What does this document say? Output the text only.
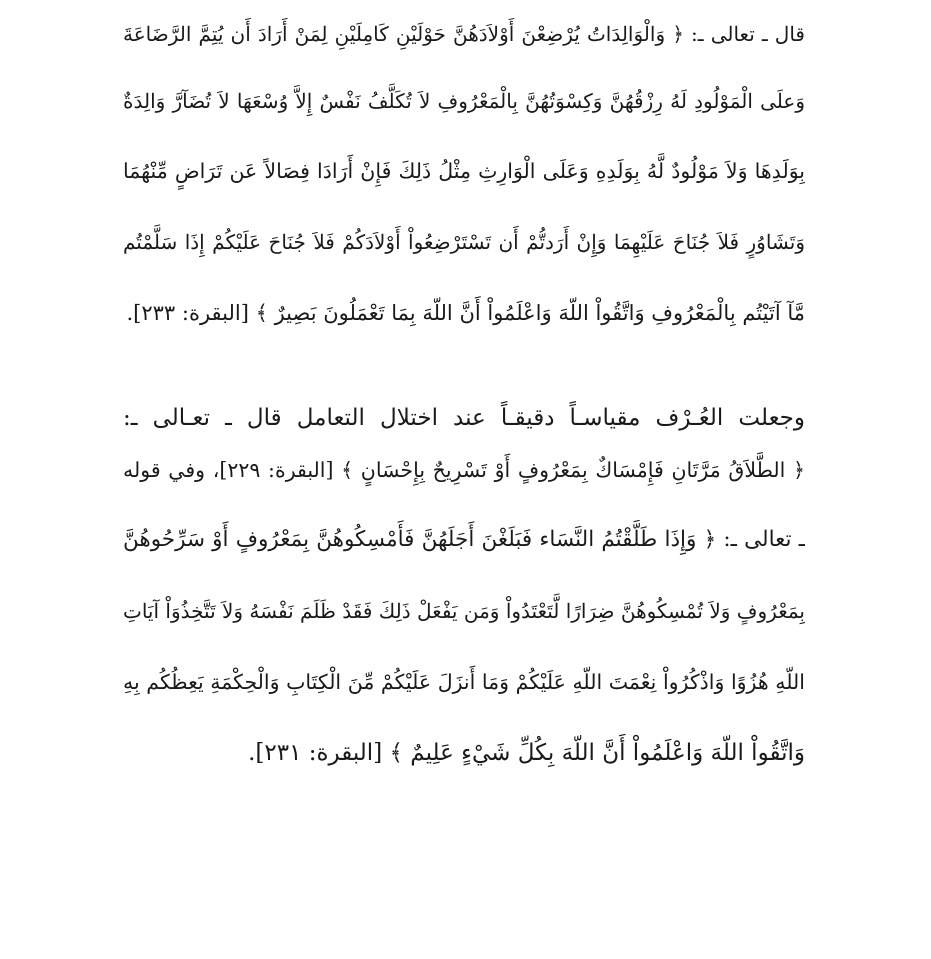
قال ـ تعالى ـ: ﴿ وَالْوَالِدَاتُ يُرْضِعْنَ أَوْلاَدَهُنَّ حَوْلَيْنِ كَامِلَيْنِ لِمَنْ أَرَادَ أَن يُتِمَّ الرَّضَاعَةَ
وَعلَى الْمَوْلُودِ لَهُ رِزْقُهُنَّ وَكِسْوَتُهُنَّ بِالْمَعْرُوفِ لاَ تُكَلَّفُ نَفْسٌ إِلاَّ وُسْعَهَا لاَ تُضَآرَّ وَالِدَةٌ
بِوَلَدِهَا وَلاَ مَوْلُودٌ لَّهُ بِوَلَدِهِ وَعَلَى الْوَارِثِ مِثْلُ ذَلِكَ فَإِنْ أَرَادَا فِصَالاً عَن تَرَاضٍ مِّنْهُمَا
وَتَشَاوُرٍ فَلاَ جُنَاحَ عَلَيْهِمَا وَإِنْ أَرَدتُّمْ أَن تَسْتَرْضِعُواْ أَوْلاَدَكُمْ فَلاَ جُنَاحَ عَلَيْكُمْ إِذَا سَلَّمْتُم
مَّآ آتَيْتُم بِالْمَعْرُوفِ وَاتَّقُواْ اللّهَ وَاعْلَمُواْ أَنَّ اللّهَ بِمَا تَعْمَلُونَ بَصِيرٌ ﴾ [البقرة: ٢٣٣].
وجعلت العُـرْف مقياسـاً دقيقـاً عند اختلال التعامل قال ـ تعـالى ـ:
﴿ الطَّلاَقُ مَرَّتَانِ فَإِمْسَاكٌ بِمَعْرُوفٍ أَوْ تَسْرِيحٌ بِإِحْسَانٍ ﴾ [البقرة: ٢٢٩]، وفي قوله
ـ تعالى ـ: ﴿ وَإِذَا طَلَّقْتُمُ النَّسَاء فَبَلَغْنَ أَجَلَهُنَّ فَأَمْسِكُوهُنَّ بِمَعْرُوفٍ أَوْ سَرِّحُوهُنَّ
بِمَعْرُوفٍ وَلاَ تُمْسِكُوهُنَّ ضِرَارًا لَّتَعْتَدُواْ وَمَن يَفْعَلْ ذَلِكَ فَقَدْ ظَلَمَ نَفْسَهُ وَلاَ تَتَّخِذُوَاْ آيَاتِ
اللّهِ هُزُوًا وَاذْكُرُواْ نِعْمَتَ اللّهِ عَلَيْكُمْ وَمَا أَنزَلَ عَلَيْكُمْ مِّنَ الْكِتَابِ وَالْحِكْمَةِ يَعِظُكُم بِهِ
وَاتَّقُواْ اللّهَ وَاعْلَمُواْ أَنَّ اللّهَ بِكُلِّ شَيْءٍ عَلِيمٌ ﴾ [البقرة: ٢٣١].
